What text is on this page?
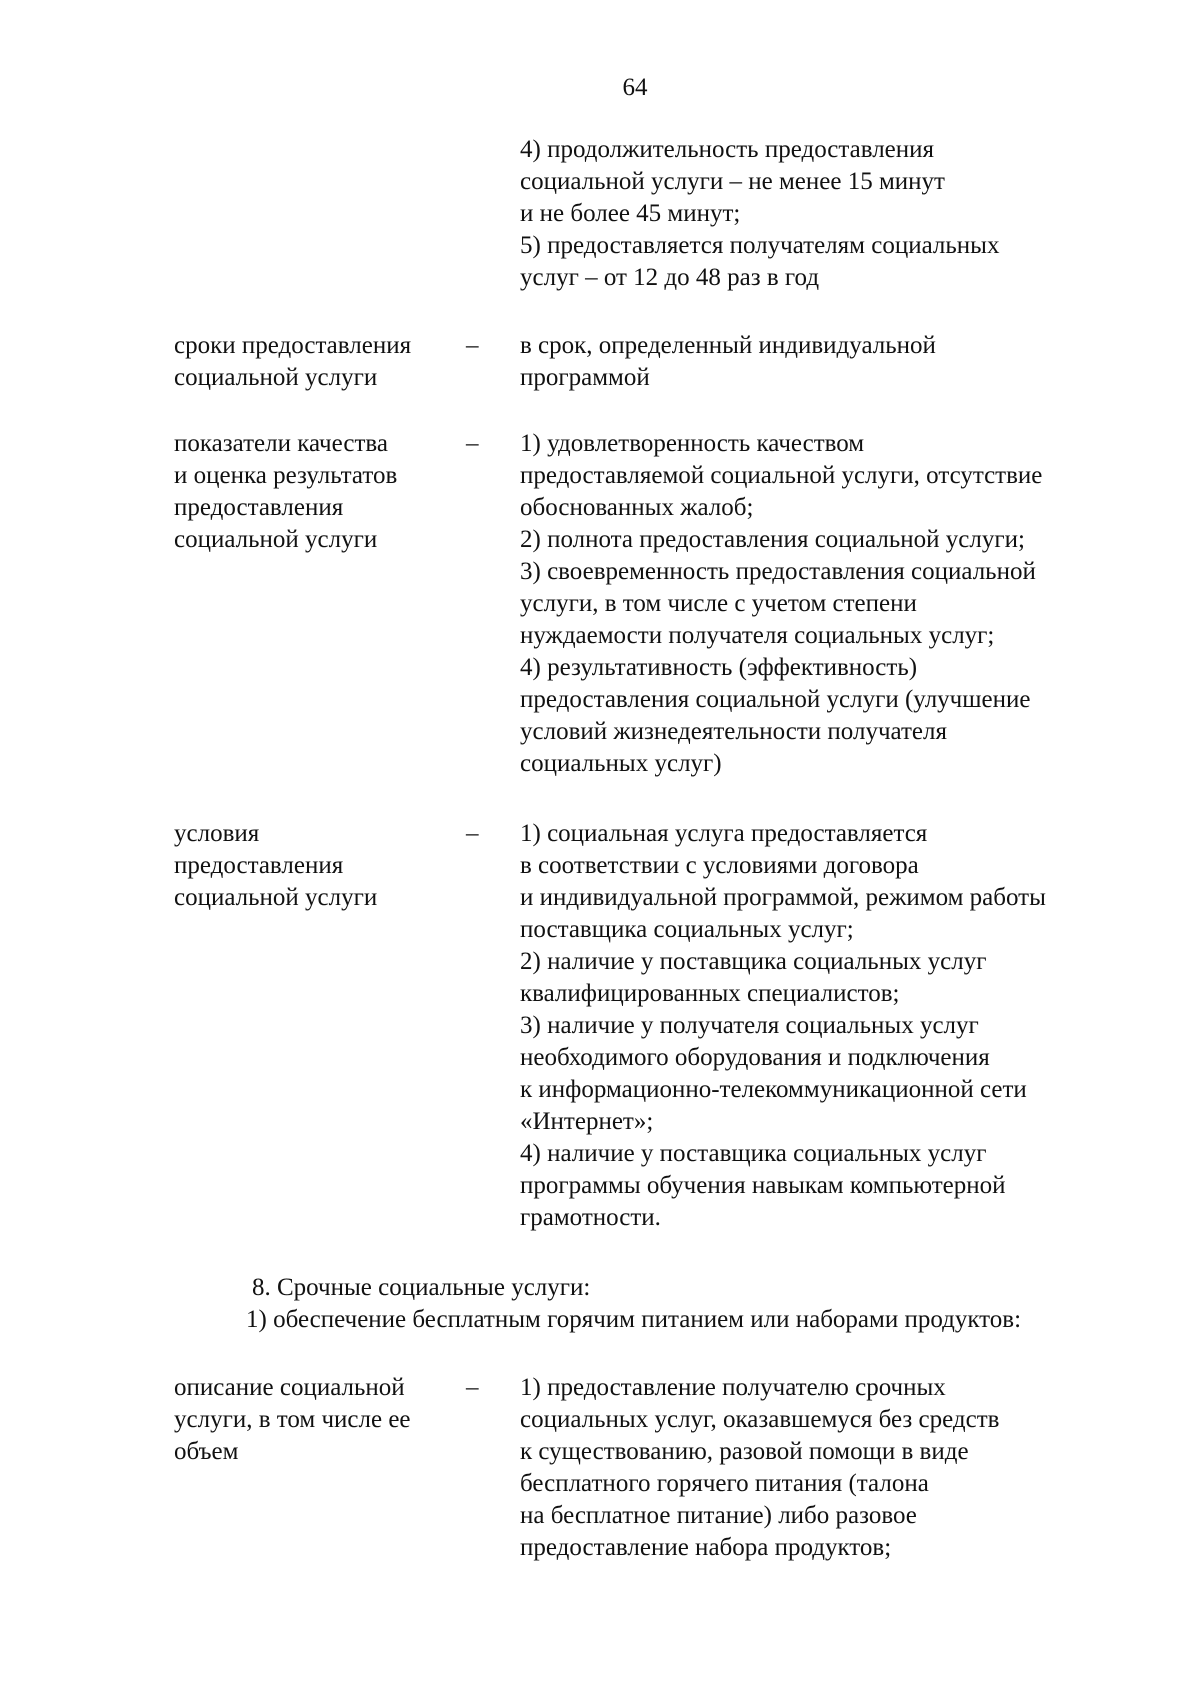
64
4) продолжительность предоставления
социальной услуги – не менее 15 минут
и не более 45 минут;
5) предоставляется получателям социальных
услуг – от 12 до 48 раз в год
сроки предоставления
социальной услуги
– в срок, определенный индивидуальной
программой
показатели качества
и оценка результатов
предоставления
социальной услуги
– 1) удовлетворенность качеством
предоставляемой социальной услуги, отсутствие
обоснованных жалоб;
2) полнота предоставления социальной услуги;
3) своевременность предоставления социальной
услуги, в том числе с учетом степени
нуждаемости получателя социальных услуг;
4) результативность (эффективность)
предоставления социальной услуги (улучшение
условий жизнедеятельности получателя
социальных услуг)
условия
предоставления
социальной услуги
– 1) социальная услуга предоставляется
в соответствии с условиями договора
и индивидуальной программой, режимом работы
поставщика социальных услуг;
2) наличие у поставщика социальных услуг
квалифицированных специалистов;
3) наличие у получателя социальных услуг
необходимого оборудования и подключения
к информационно-телекоммуникационной сети
«Интернет»;
4) наличие у поставщика социальных услуг
программы обучения навыкам компьютерной
грамотности.
8. Срочные социальные услуги:
1) обеспечение бесплатным горячим питанием или наборами продуктов:
описание социальной
услуги, в том числе ее
объем
– 1) предоставление получателю срочных
социальных услуг, оказавшемуся без средств
к существованию, разовой помощи в виде
бесплатного горячего питания (талона
на бесплатное питание) либо разовое
предоставление набора продуктов;
